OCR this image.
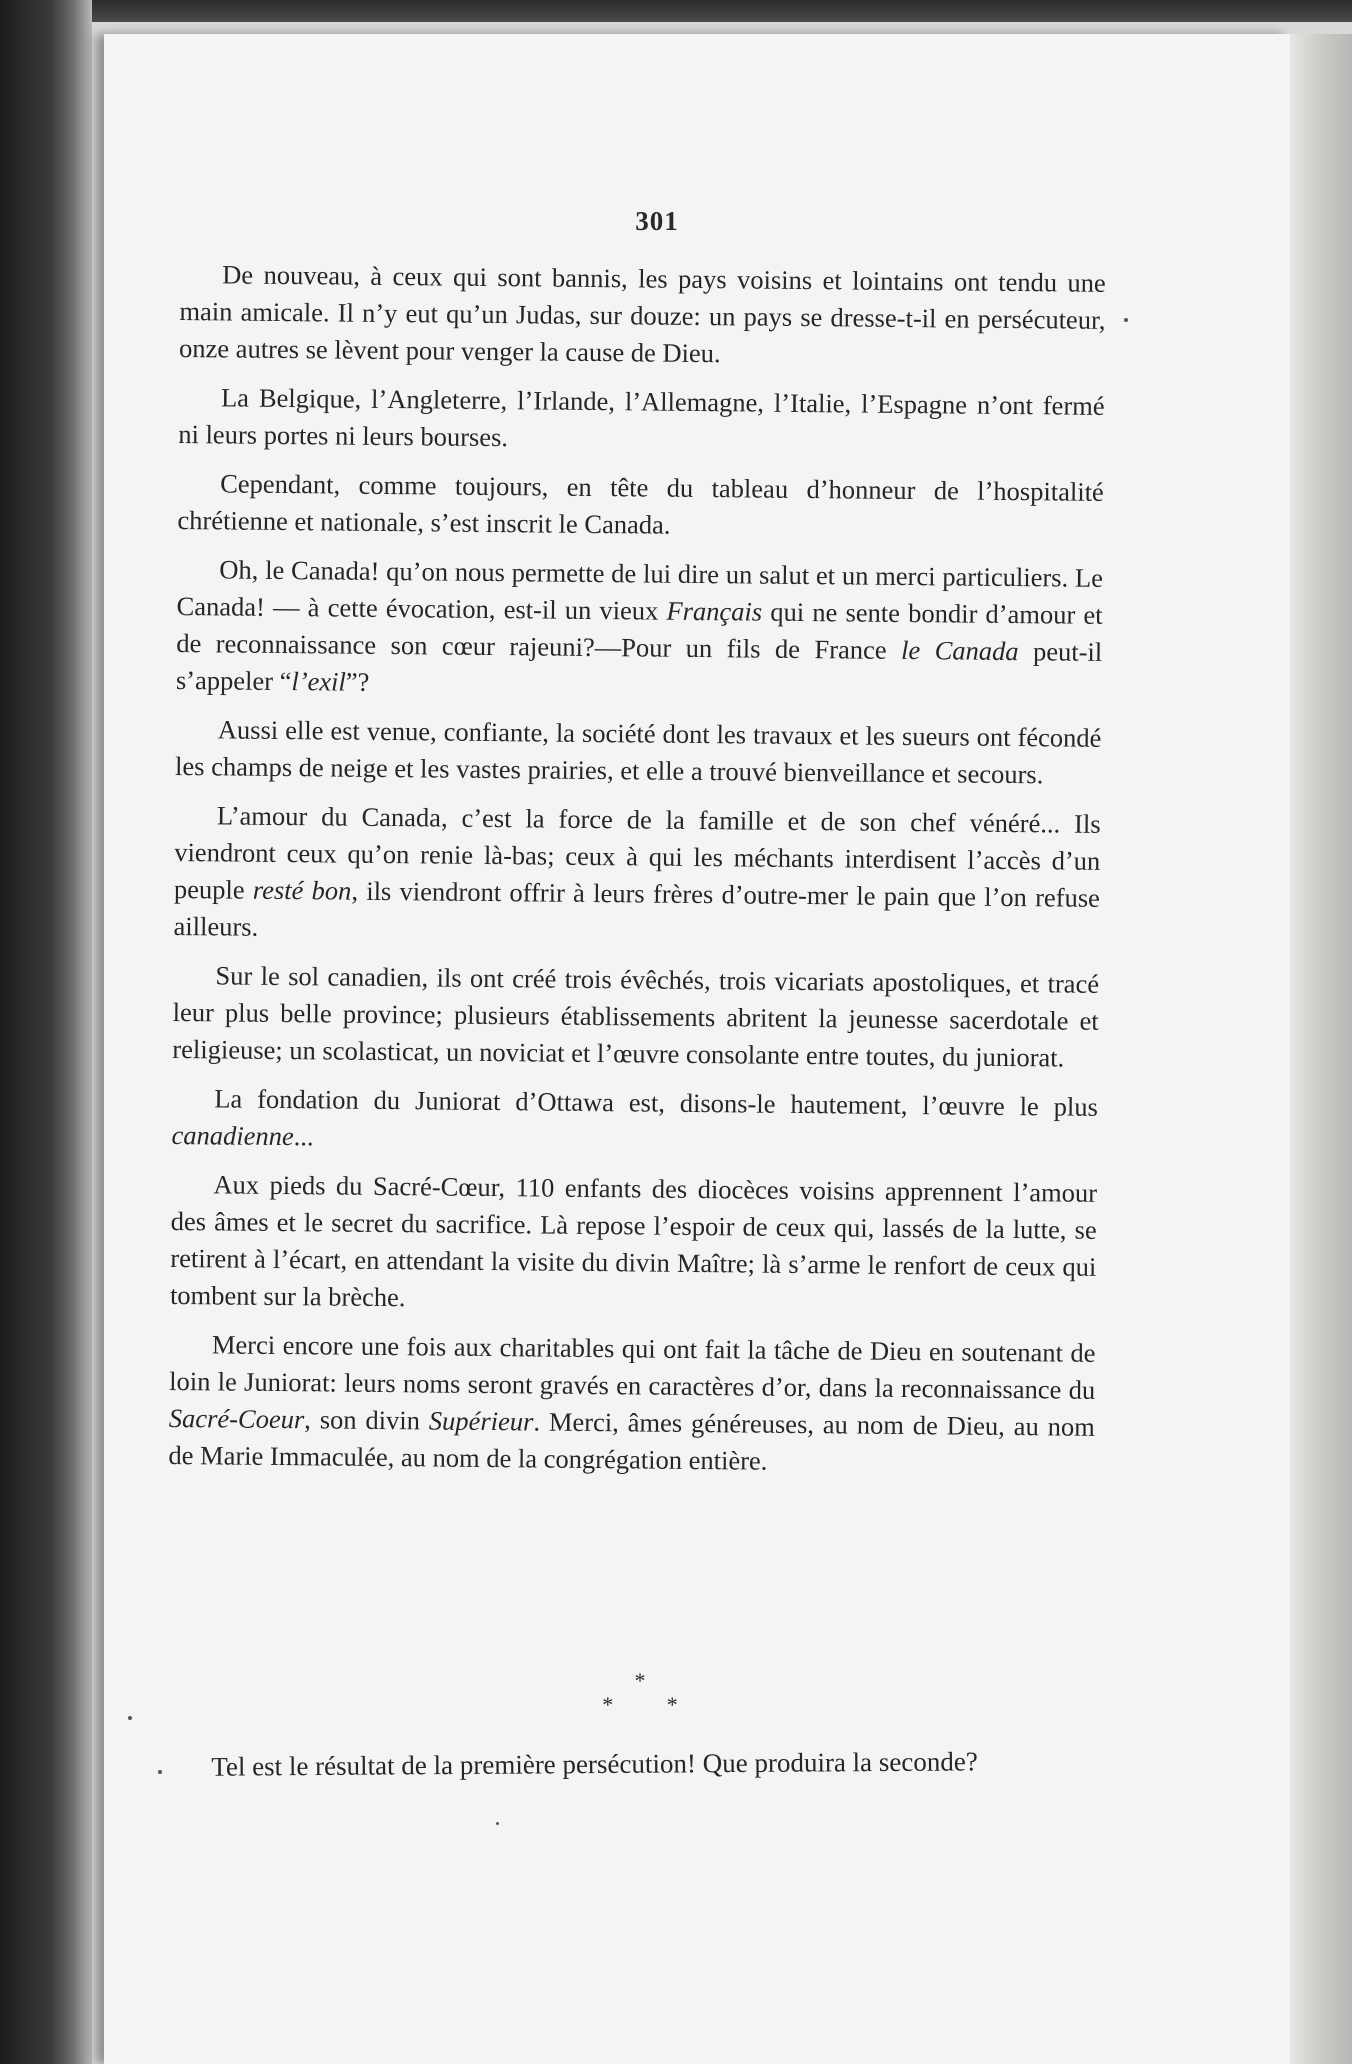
301

De nouveau, à ceux qui sont bannis, les pays voisins et lointains ont tendu une main amicale. Il n’y eut qu’un Judas, sur douze: un pays se dresse-t-il en persécuteur, onze autres se lèvent pour venger la cause de Dieu.

La Belgique, l’Angleterre, l’Irlande, l’Allemagne, l’Italie, l’Espagne n’ont fermé ni leurs portes ni leurs bourses.

Cependant, comme toujours, en tête du tableau d’honneur de l’hospitalité chrétienne et nationale, s’est inscrit le Canada.

Oh, le Canada! qu’on nous permette de lui dire un salut et un merci particuliers. Le Canada! — à cette évocation, est-il un vieux Français qui ne sente bondir d’amour et de reconnaissance son cœur rajeuni?—Pour un fils de France le Canada peut-il s’appeler “l’exil”?

Aussi elle est venue, confiante, la société dont les travaux et les sueurs ont fécondé les champs de neige et les vastes prairies, et elle a trouvé bienveillance et secours.

L’amour du Canada, c’est la force de la famille et de son chef vénéré... Ils viendront ceux qu’on renie là-bas; ceux à qui les méchants interdisent l’accès d’un peuple resté bon, ils viendront offrir à leurs frères d’outre-mer le pain que l’on refuse ailleurs.

Sur le sol canadien, ils ont créé trois évêchés, trois vicariats apostoliques, et tracé leur plus belle province; plusieurs établissements abritent la jeunesse sacerdotale et religieuse; un scolasticat, un noviciat et l’œuvre consolante entre toutes, du juniorat.

La fondation du Juniorat d’Ottawa est, disons-le hautement, l’œuvre le plus canadienne...

Aux pieds du Sacré-Cœur, 110 enfants des diocèces voisins apprennent l’amour des âmes et le secret du sacrifice. Là repose l’espoir de ceux qui, lassés de la lutte, se retirent à l’écart, en attendant la visite du divin Maître; là s’arme le renfort de ceux qui tombent sur la brèche.

Merci encore une fois aux charitables qui ont fait la tâche de Dieu en soutenant de loin le Juniorat: leurs noms seront gravés en caractères d’or, dans la reconnaissance du Sacré-Coeur, son divin Supérieur. Merci, âmes généreuses, au nom de Dieu, au nom de Marie Immaculée, au nom de la congrégation entière.

*
* *

Tel est le résultat de la première persécution! Que produira la seconde?
